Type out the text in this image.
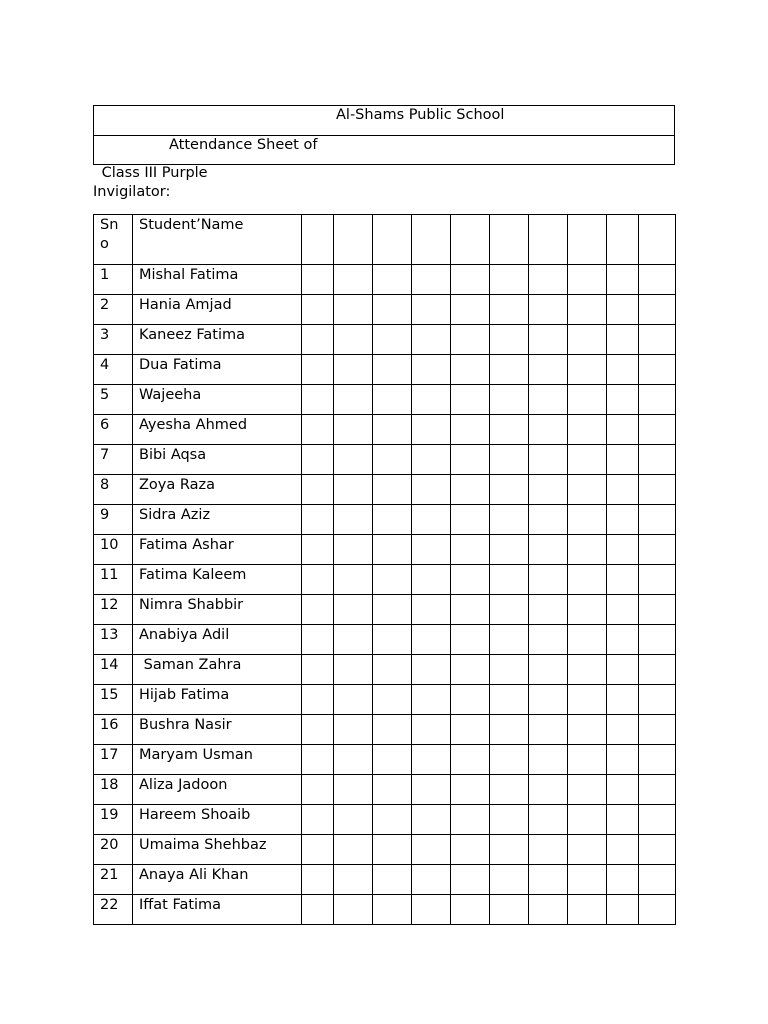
Al-Shams Public School
Attendance Sheet of
Class III Purple
Invigilator:
Sno	Student’Name										

1	Mishal Fatima										

2	Hania Amjad										

3	Kaneez Fatima										

4	Dua Fatima										

5	Wajeeha										

6	Ayesha Ahmed										

7	Bibi Aqsa										

8	Zoya Raza										

9	Sidra Aziz										

10	Fatima Ashar										

11	Fatima Kaleem										

12	Nimra Shabbir										

13	Anabiya Adil										

14	Saman Zahra										

15	Hijab Fatima										

16	Bushra Nasir										

17	Maryam Usman										

18	Aliza Jadoon										

19	Hareem Shoaib										

20	Umaima Shehbaz										

21	Anaya Ali Khan										

22	Iffat Fatima										
